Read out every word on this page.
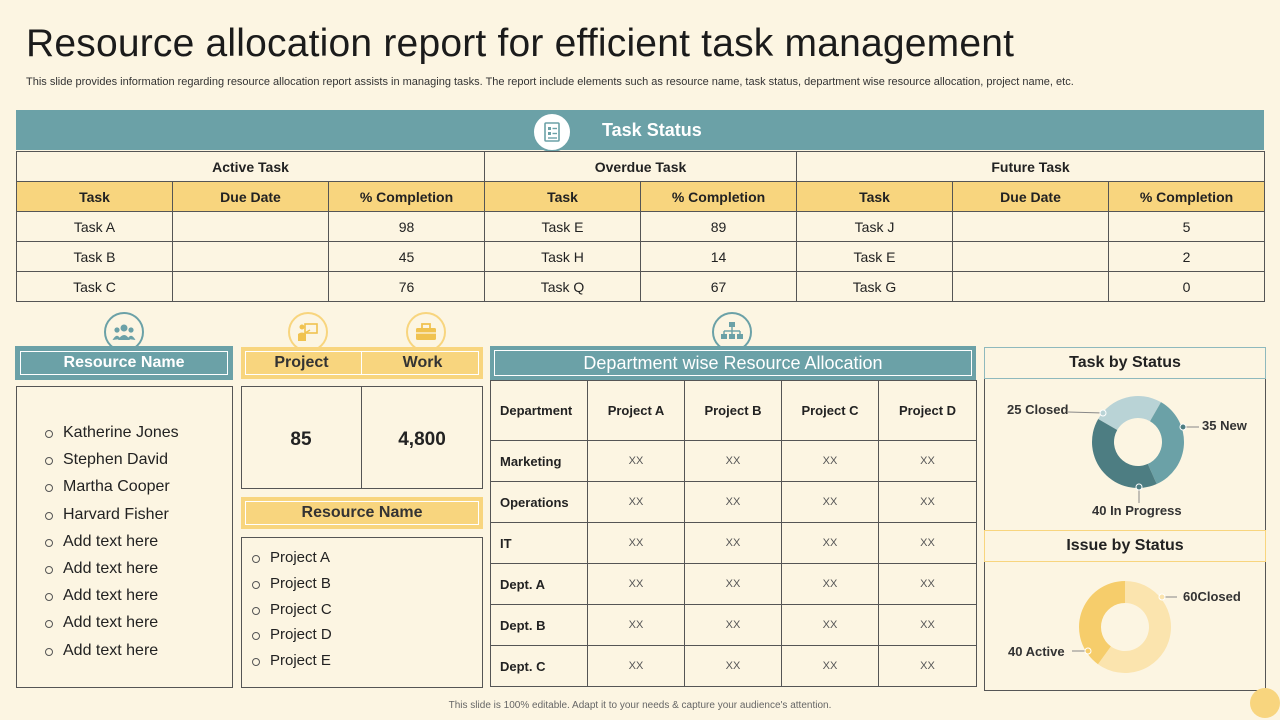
Resource allocation report for efficient task management
This slide provides information regarding resource allocation report assists in managing tasks. The report include elements such as resource name, task status, department wise resource allocation, project name, etc.
Task Status
Active Task			Overdue Task		Future Task		
Task	Due Date	% Completion	Task	% Completion	Task	Due Date	% Completion
Task A		98	Task E	89	Task J		5
Task B		45	Task H	14	Task E		2
Task C		76	Task Q	67	Task G		0
Resource Name
Katherine Jones
Stephen David
Martha Cooper
Harvard Fisher
Add text here
Add text here
Add text here
Add text here
Add text here
Project	Work
85	4,800
Resource Name
Project A
Project B
Project C
Project D
Project E
Department wise Resource Allocation
Department	Project A	Project B	Project C	Project D
Marketing	XX	XX	XX	XX
Operations	XX	XX	XX	XX
IT	XX	XX	XX	XX
Dept. A	XX	XX	XX	XX
Dept. B	XX	XX	XX	XX
Dept. C	XX	XX	XX	XX
Task by Status
Issue by Status
25 Closed
35 New
40 In Progress
60Closed
40 Active
This slide is 100% editable. Adapt it to your needs & capture your audience's attention.
